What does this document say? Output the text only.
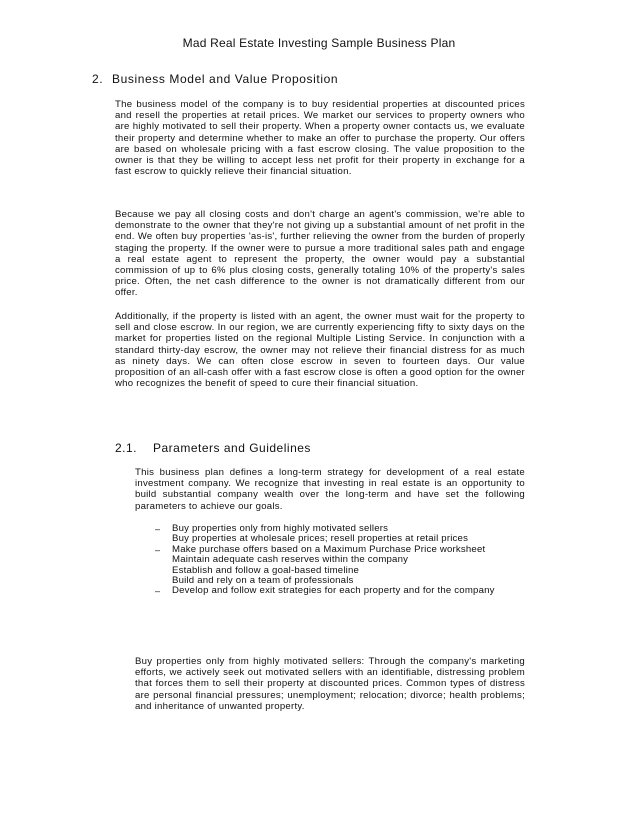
Mad Real Estate Investing Sample Business Plan
2. Business Model and Value Proposition

The business model of the company is to buy residential properties at discounted prices and resell the properties at retail prices. We market our services to property owners who are highly motivated to sell their property. When a property owner contacts us, we evaluate their property and determine whether to make an offer to purchase the property. Our offers are based on wholesale pricing with a fast escrow closing. The value proposition to the owner is that they be willing to accept less net profit for their property in exchange for a fast escrow to quickly relieve their financial situation.

Because we pay all closing costs and don't charge an agent's commission, we're able to demonstrate to the owner that they're not giving up a substantial amount of net profit in the end. We often buy properties 'as-is', further relieving the owner from the burden of properly staging the property. If the owner were to pursue a more traditional sales path and engage a real estate agent to represent the property, the owner would pay a substantial commission of up to 6% plus closing costs, generally totaling 10% of the property's sales price. Often, the net cash difference to the owner is not dramatically different from our offer.

Additionally, if the property is listed with an agent, the owner must wait for the property to sell and close escrow. In our region, we are currently experiencing fifty to sixty days on the market for properties listed on the regional Multiple Listing Service. In conjunction with a standard thirty-day escrow, the owner may not relieve their financial distress for as much as ninety days. We can often close escrow in seven to fourteen days. Our value proposition of an all-cash offer with a fast escrow close is often a good option for the owner who recognizes the benefit of speed to cure their financial situation.

2.1. Parameters and Guidelines

This business plan defines a long-term strategy for development of a real estate investment company. We recognize that investing in real estate is an opportunity to build substantial company wealth over the long-term and have set the following parameters to achieve our goals.

–	Buy properties only from highly motivated sellers
Buy properties at wholesale prices; resell properties at retail prices
–	Make purchase offers based on a Maximum Purchase Price worksheet
Maintain adequate cash reserves within the company
Establish and follow a goal-based timeline
Build and rely on a team of professionals
–	Develop and follow exit strategies for each property and for the company

Buy properties only from highly motivated sellers: Through the company's marketing efforts, we actively seek out motivated sellers with an identifiable, distressing problem that forces them to sell their property at discounted prices. Common types of distress are personal financial pressures; unemployment; relocation; divorce; health problems; and inheritance of unwanted property.
